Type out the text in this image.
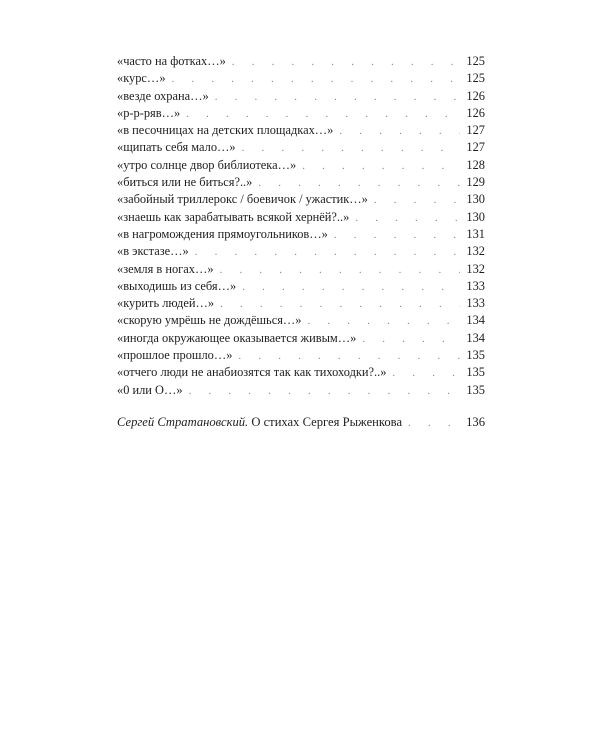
«часто на фотках…» . . .	125
«курс…» . . .	125
«везде охрана…» . . .	126
«р-р-ряв…» . . .	126
«в песочницах на детских площадках…» . . .	127
«щипать себя мало…» . . .	127
«утро солнце двор библиотека…» . . .	128
«биться или не биться?..» . . .	129
«забойный триллерокс / боевичок / ужастик…» . . .	130
«знаешь как зарабатывать всякой хернёй?..» . . .	130
«в нагромождения прямоугольников…» . . .	131
«в экстазе…» . . .	132
«земля в ногах…» . . .	132
«выходишь из себя…» . . .	133
«курить людей…» . . .	133
«скорую умрёшь не дождёшься…» . . .	134
«иногда окружающее оказывается живым…» . . .	134
«прошлое прошло…» . . .	135
«отчего люди не анабиозятся так как тихоходки?..» . . .	135
«0 или О…» . . .	135
Сергей Стратановский. О стихах Сергея Рыженкова . . .	136
